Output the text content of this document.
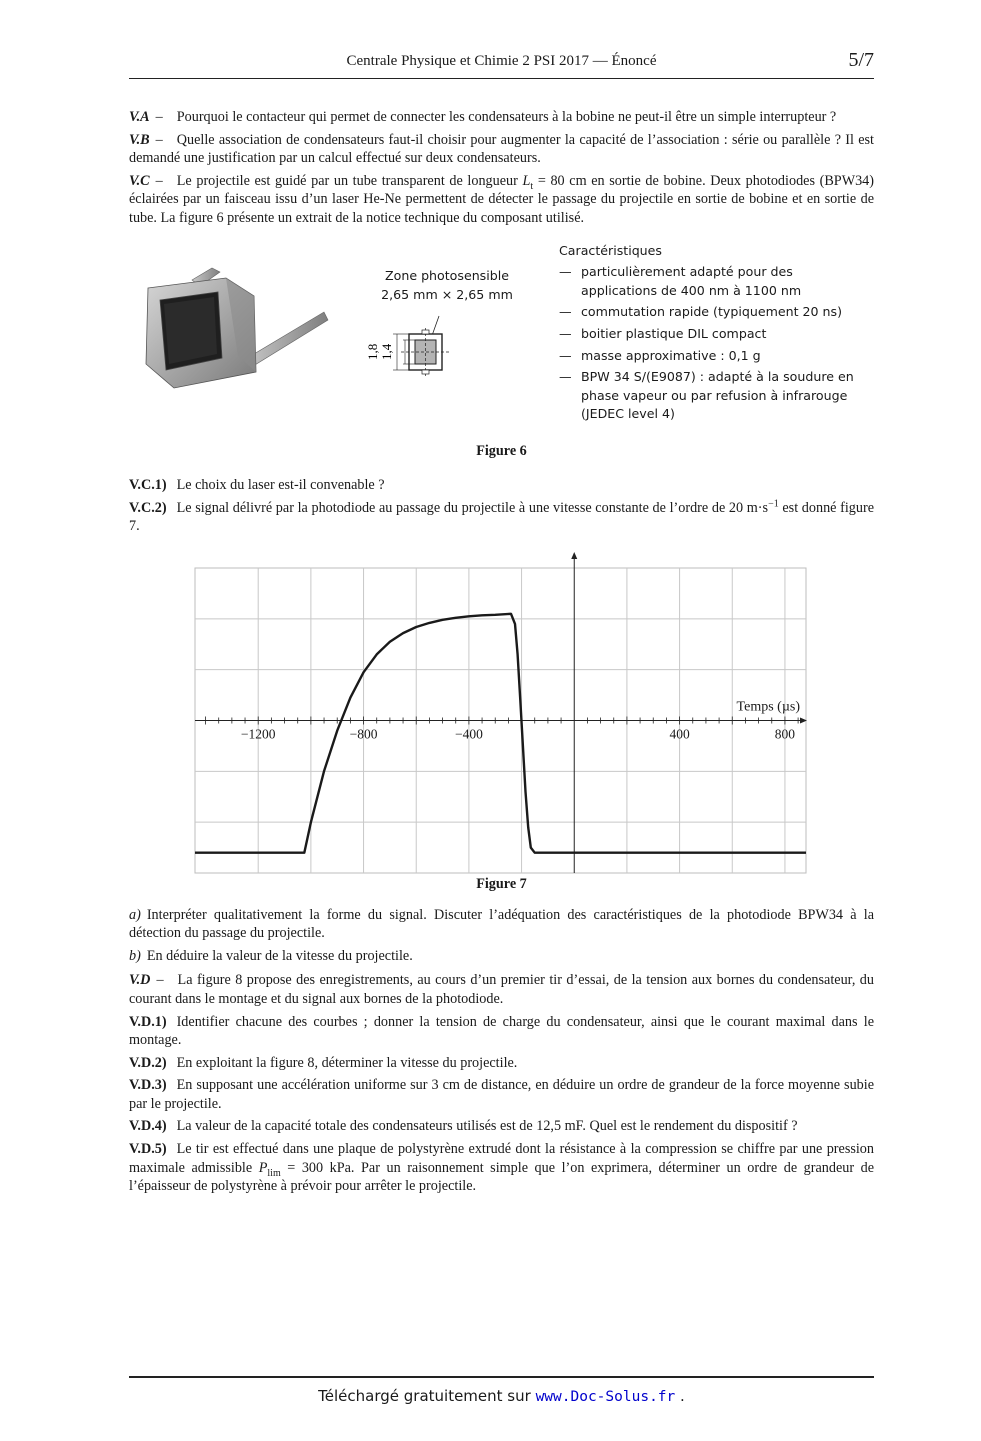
Centrale Physique et Chimie 2 PSI 2017 — Énoncé	5/7

V.A – Pourquoi le contacteur qui permet de connecter les condensateurs à la bobine ne peut-il être un simple interrupteur ?

V.B – Quelle association de condensateurs faut-il choisir pour augmenter la capacité de l’association : série ou parallèle ? Il est demandé une justification par un calcul effectué sur deux condensateurs.

V.C – Le projectile est guidé par un tube transparent de longueur $L_t = 80$ cm en sortie de bobine. Deux photodiodes (BPW34) éclairées par un faisceau issu d’un laser He-Ne permettent de détecter le passage du projectile en sortie de bobine et en sortie de tube. La figure 6 présente un extrait de la notice technique du composant utilisé.

Zone photosensible
2,65 mm × 2,65 mm
1,8 1,4
Caractéristiques
— particulièrement adapté pour des applications de 400 nm à 1100 nm
— commutation rapide (typiquement 20 ns)
— boitier plastique DIL compact
— masse approximative : 0,1 g
— BPW 34 S/(E9087) : adapté à la soudure en phase vapeur ou par refusion à infrarouge (JEDEC level 4)
Figure 6

V.C.1) Le choix du laser est-il convenable ?

V.C.2) Le signal délivré par la photodiode au passage du projectile à une vitesse constante de l’ordre de 20 $m\cdot s^{-1}$ est donné figure 7.

−1200	−800	−400	400	800
Temps (µs)
Figure 7

a) Interpréter qualitativement la forme du signal. Discuter l’adéquation des caractéristiques de la photodiode BPW34 à la détection du passage du projectile.

b) En déduire la valeur de la vitesse du projectile.

V.D – La figure 8 propose des enregistrements, au cours d’un premier tir d’essai, de la tension aux bornes du condensateur, du courant dans le montage et du signal aux bornes de la photodiode.

V.D.1) Identifier chacune des courbes ; donner la tension de charge du condensateur, ainsi que le courant maximal dans le montage.

V.D.2) En exploitant la figure 8, déterminer la vitesse du projectile.

V.D.3) En supposant une accélération uniforme sur 3 cm de distance, en déduire un ordre de grandeur de la force moyenne subie par le projectile.

V.D.4) La valeur de la capacité totale des condensateurs utilisés est de 12,5 mF. Quel est le rendement du dispositif ?

V.D.5) Le tir est effectué dans une plaque de polystyrène extrudé dont la résistance à la compression se chiffre par une pression maximale admissible $P_{lim} = 300$ kPa. Par un raisonnement simple que l’on exprimera, déterminer un ordre de grandeur de l’épaisseur de polystyrène à prévoir pour arrêter le projectile.

Téléchargé gratuitement sur www.Doc-Solus.fr .
